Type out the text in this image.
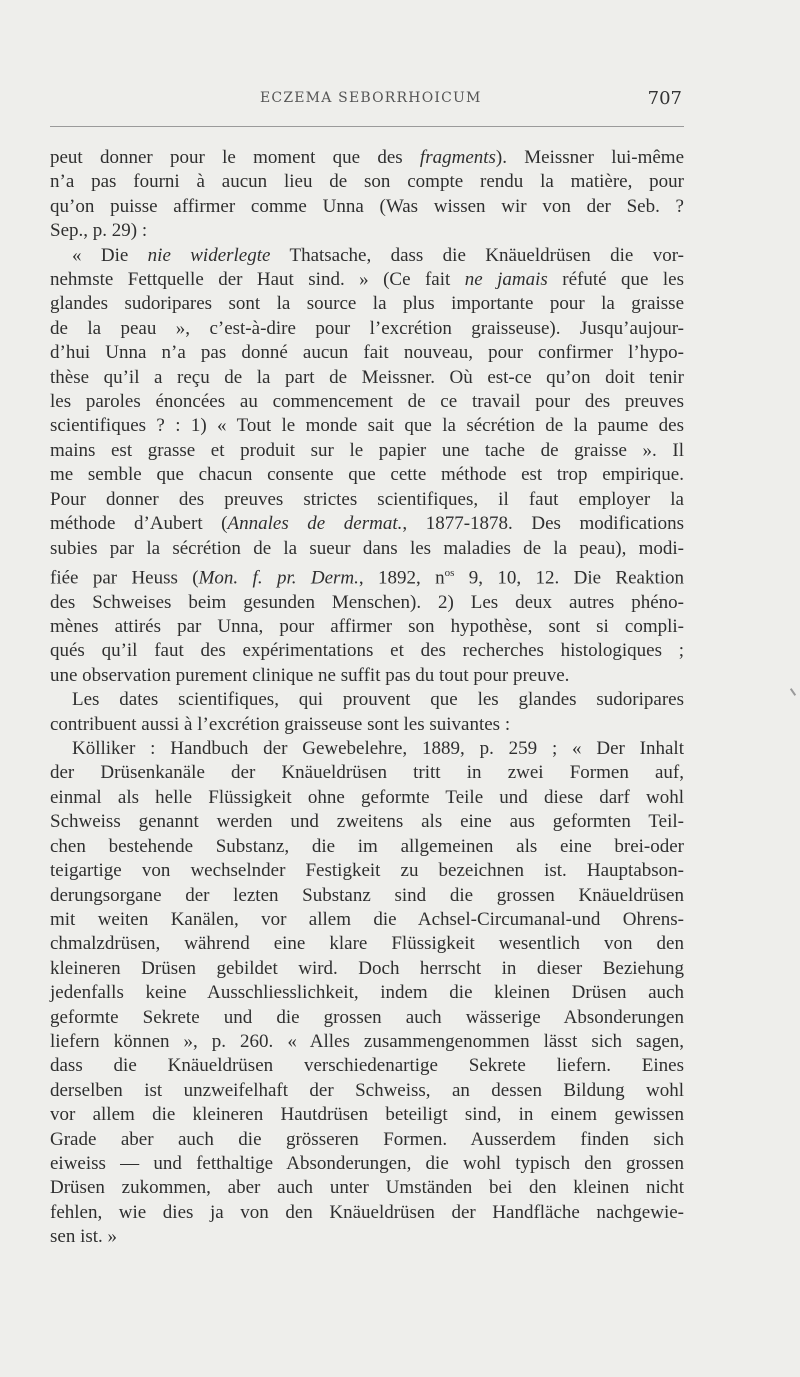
ECZEMA SEBORRHOICUM	707
peut donner pour le moment que des fragments). Meissner lui-même
n’a pas fourni à aucun lieu de son compte rendu la matière, pour
qu’on puisse affirmer comme Unna (Was wissen wir von der Seb. ?
Sep., p. 29) :
« Die nie widerlegte Thatsache, dass die Knäueldrüsen die vor-
nehmste Fettquelle der Haut sind. » (Ce fait ne jamais réfuté que les
glandes sudoripares sont la source la plus importante pour la graisse
de la peau », c’est-à-dire pour l’excrétion graisseuse). Jusqu’aujour-
d’hui Unna n’a pas donné aucun fait nouveau, pour confirmer l’hypo-
thèse qu’il a reçu de la part de Meissner. Où est-ce qu’on doit tenir
les paroles énoncées au commencement de ce travail pour des preuves
scientifiques ? : 1) « Tout le monde sait que la sécrétion de la paume des
mains est grasse et produit sur le papier une tache de graisse ». Il
me semble que chacun consente que cette méthode est trop empirique.
Pour donner des preuves strictes scientifiques, il faut employer la
méthode d’Aubert (Annales de dermat., 1877-1878. Des modifications
subies par la sécrétion de la sueur dans les maladies de la peau), modi-
fiée par Heuss (Mon. f. pr. Derm., 1892, $n^{os}$ 9, 10, 12. Die Reaktion
des Schweises beim gesunden Menschen). 2) Les deux autres phéno-
mènes attirés par Unna, pour affirmer son hypothèse, sont si compli-
qués qu’il faut des expérimentations et des recherches histologiques ;
une observation purement clinique ne suffit pas du tout pour preuve.
Les dates scientifiques, qui prouvent que les glandes sudoripares
contribuent aussi à l’excrétion graisseuse sont les suivantes :
Kölliker : Handbuch der Gewebelehre, 1889, p. 259 ; « Der Inhalt
der Drüsenkanäle der Knäueldrüsen tritt in zwei Formen auf,
einmal als helle Flüssigkeit ohne geformte Teile und diese darf wohl
Schweiss genannt werden und zweitens als eine aus geformten Teil-
chen bestehende Substanz, die im allgemeinen als eine brei-oder
teigartige von wechselnder Festigkeit zu bezeichnen ist. Hauptabson-
derungsorgane der lezten Substanz sind die grossen Knäueldrüsen
mit weiten Kanälen, vor allem die Achsel-Circumanal-und Ohrens-
chmalzdrüsen, während eine klare Flüssigkeit wesentlich von den
kleineren Drüsen gebildet wird. Doch herrscht in dieser Beziehung
jedenfalls keine Ausschliesslichkeit, indem die kleinen Drüsen auch
geformte Sekrete und die grossen auch wässerige Absonderungen
liefern können », p. 260. « Alles zusammengenommen lässt sich sagen,
dass die Knäueldrüsen verschiedenartige Sekrete liefern. Eines
derselben ist unzweifelhaft der Schweiss, an dessen Bildung wohl
vor allem die kleineren Hautdrüsen beteiligt sind, in einem gewissen
Grade aber auch die grösseren Formen. Ausserdem finden sich
eiweiss — und fetthaltige Absonderungen, die wohl typisch den grossen
Drüsen zukommen, aber auch unter Umständen bei den kleinen nicht
fehlen, wie dies ja von den Knäueldrüsen der Handfläche nachgewie-
sen ist. »
